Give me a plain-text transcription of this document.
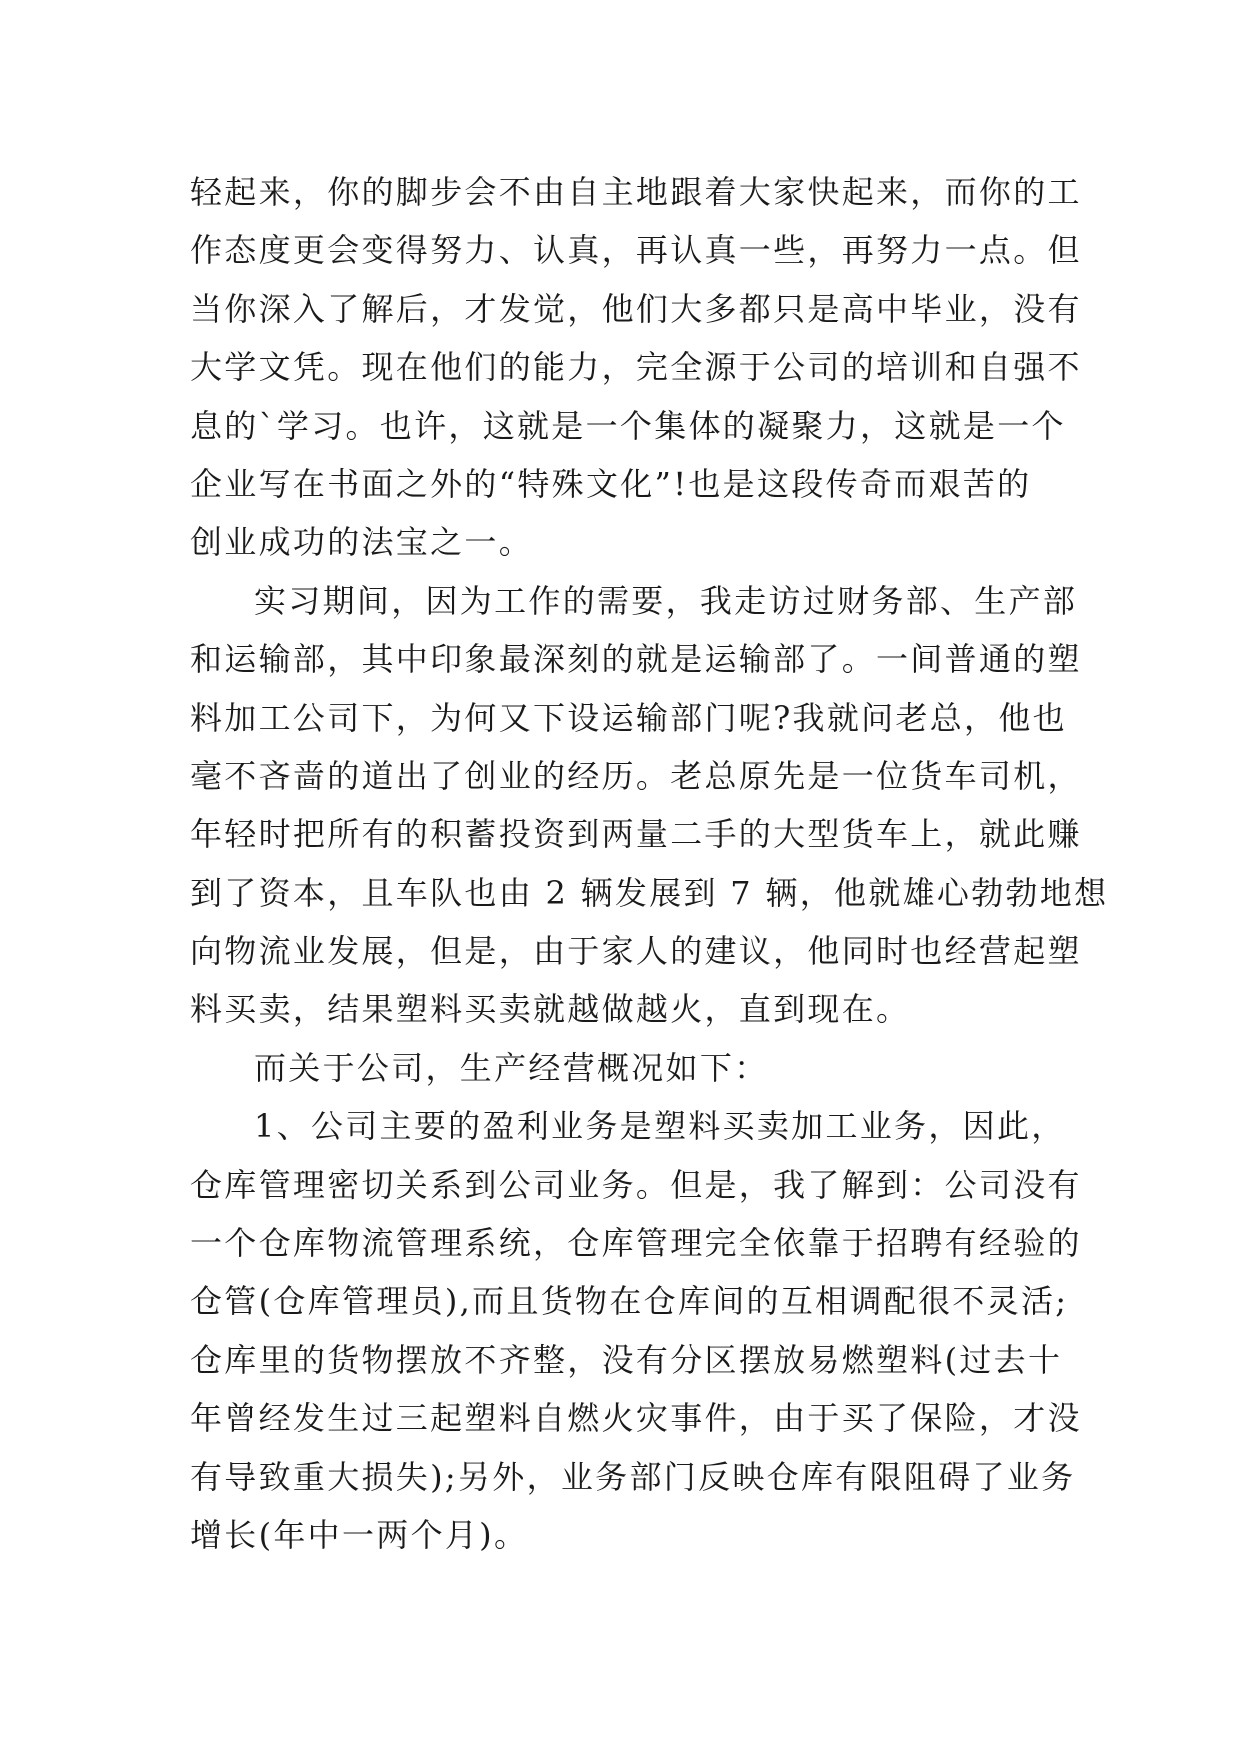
轻起来，你的脚步会不由自主地跟着大家快起来，而你的工
作态度更会变得努力、认真，再认真一些，再努力一点。但
当你深入了解后，才发觉，他们大多都只是高中毕业，没有
大学文凭。现在他们的能力，完全源于公司的培训和自强不
息的`学习。也许，这就是一个集体的凝聚力，这就是一个
企业写在书面之外的“特殊文化”!也是这段传奇而艰苦的
创业成功的法宝之一。
实习期间，因为工作的需要，我走访过财务部、生产部
和运输部，其中印象最深刻的就是运输部了。一间普通的塑
料加工公司下，为何又下设运输部门呢?我就问老总，他也
毫不吝啬的道出了创业的经历。老总原先是一位货车司机，
年轻时把所有的积蓄投资到两量二手的大型货车上，就此赚
到了资本，且车队也由 2 辆发展到 7 辆，他就雄心勃勃地想
向物流业发展，但是，由于家人的建议，他同时也经营起塑
料买卖，结果塑料买卖就越做越火，直到现在。
而关于公司，生产经营概况如下：
1、公司主要的盈利业务是塑料买卖加工业务，因此，
仓库管理密切关系到公司业务。但是，我了解到：公司没有
一个仓库物流管理系统，仓库管理完全依靠于招聘有经验的
仓管(仓库管理员),而且货物在仓库间的互相调配很不灵活;
仓库里的货物摆放不齐整，没有分区摆放易燃塑料(过去十
年曾经发生过三起塑料自燃火灾事件，由于买了保险，才没
有导致重大损失);另外，业务部门反映仓库有限阻碍了业务
增长(年中一两个月)。
